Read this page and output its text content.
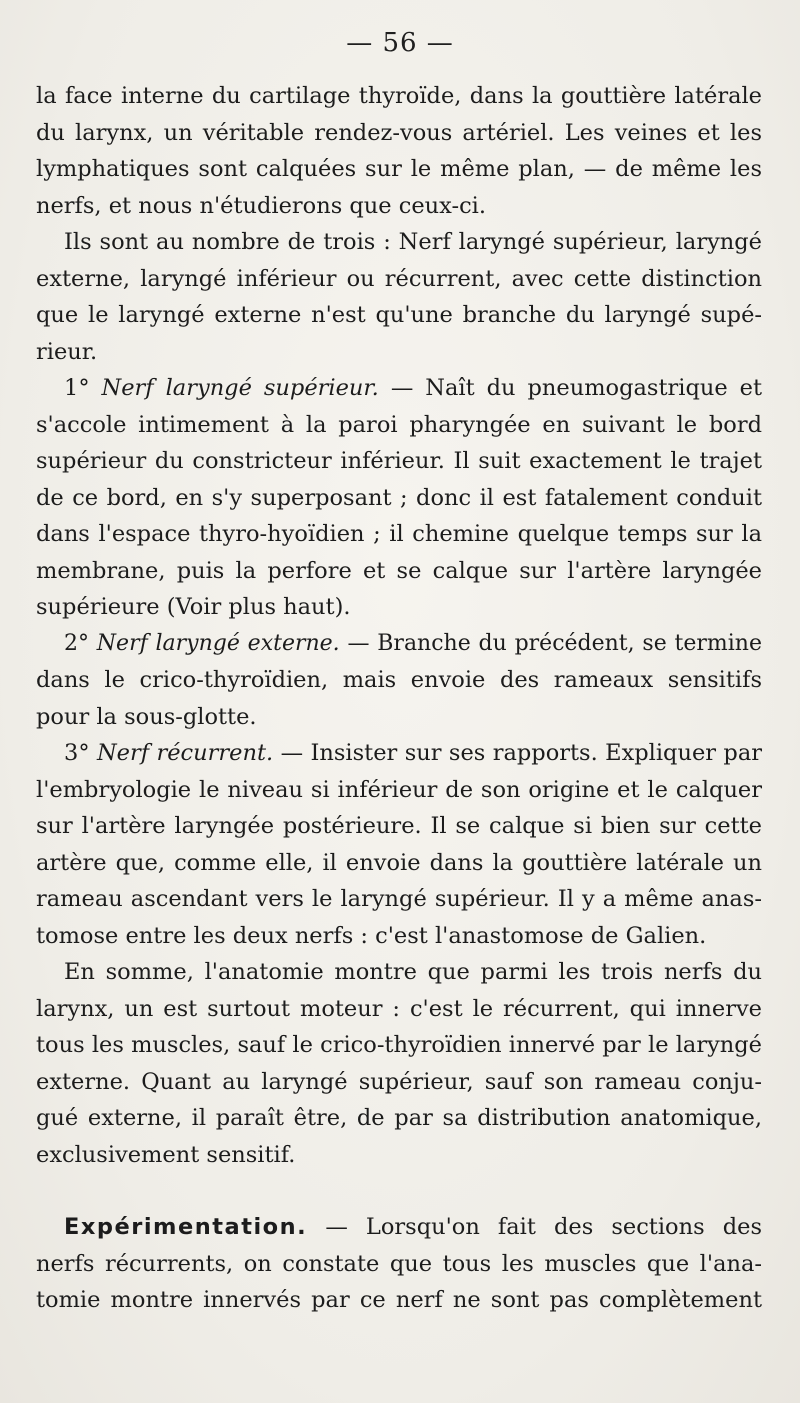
— 56 —

la face interne du cartilage thyroïde, dans la gouttière latérale
du larynx, un véritable rendez-vous artériel. Les veines et les
lymphatiques sont calquées sur le même plan, — de même les
nerfs, et nous n'étudierons que ceux-ci.

Ils sont au nombre de trois : Nerf laryngé supérieur, laryngé
externe, laryngé inférieur ou récurrent, avec cette distinction
que le laryngé externe n'est qu'une branche du laryngé supé-
rieur.

1° Nerf laryngé supérieur. — Naît du pneumogastrique et
s'accole intimement à la paroi pharyngée en suivant le bord
supérieur du constricteur inférieur. Il suit exactement le trajet
de ce bord, en s'y superposant ; donc il est fatalement conduit
dans l'espace thyro-hyoïdien ; il chemine quelque temps sur la
membrane, puis la perfore et se calque sur l'artère laryngée
supérieure (Voir plus haut).

2° Nerf laryngé externe. — Branche du précédent, se termine
dans le crico-thyroïdien, mais envoie des rameaux sensitifs
pour la sous-glotte.

3° Nerf récurrent. — Insister sur ses rapports. Expliquer par
l'embryologie le niveau si inférieur de son origine et le calquer
sur l'artère laryngée postérieure. Il se calque si bien sur cette
artère que, comme elle, il envoie dans la gouttière latérale un
rameau ascendant vers le laryngé supérieur. Il y a même anas-
tomose entre les deux nerfs : c'est l'anastomose de Galien.

En somme, l'anatomie montre que parmi les trois nerfs du
larynx, un est surtout moteur : c'est le récurrent, qui innerve
tous les muscles, sauf le crico-thyroïdien innervé par le laryngé
externe. Quant au laryngé supérieur, sauf son rameau conju-
gué externe, il paraît être, de par sa distribution anatomique,
exclusivement sensitif.

Expérimentation. — Lorsqu'on fait des sections des
nerfs récurrents, on constate que tous les muscles que l'ana-
tomie montre innervés par ce nerf ne sont pas complètement
